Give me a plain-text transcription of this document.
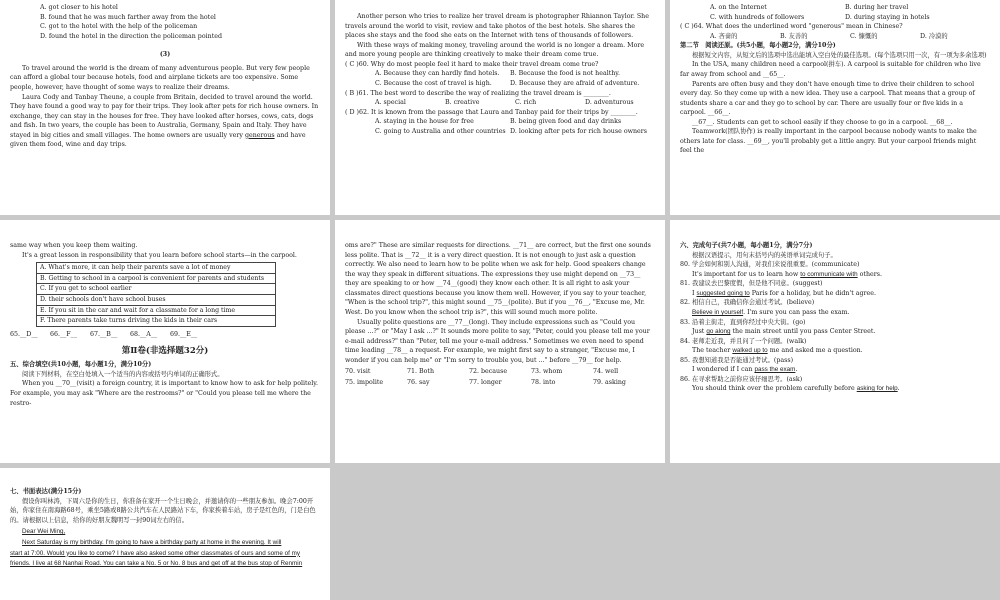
A. got closer to his hotel
B. found that he was much farther away from the hotel
C. got to the hotel with the help of the policeman
D. found the hotel in the direction the policeman pointed
(3)
To travel around the world is the dream of many adventurous people. But very few people can afford a global tour because hotels, food and airplane tickets are too expensive. Some people, however, have thought of some ways to realize their dreams.
Laura Cody and Tanbay Theune, a couple from Britain, decided to travel around the world. They have found a good way to pay for their trips. They look after pets for rich house owners. In exchange, they can stay in the houses for free. They have looked after horses, cows, cats, dogs and fish. In two years, the couple has been to Australia, Germany, Spain and Italy. They have stayed in big cities and small villages. The home owners are usually very generous and have given them food, wine and day trips.
Another person who tries to realize her travel dream is photographer Rhiannon Taylor. She travels around the world to visit, review and take photos of the best hotels. She shares the places she stays and the food she eats on the Internet with tens of thousands of followers.
With these ways of making money, traveling around the world is no longer a dream. More and more young people are thinking creatively to make their dream come true.
( C )60. Why do most people feel it hard to make their travel dream come true?
A. Because they can hardly find hotels.	B. Because the food is not healthy.
C. Because the cost of travel is high.	D. Because they are afraid of adventure.
( B )61. The best word to describe the way of realizing the travel dream is ________.
A. special	B. creative	C. rich	D. adventurous
( D )62. It is known from the passage that Laura and Tanbay paid for their trips by ________.
A. staying in the house for free	B. being given food and day drinks
C. going to Australia and other countries D. looking after pets for rich house owners
A. on the Internet	B. during her travel
C. with hundreds of followers	D. during staying in hotels
( C )64. What does the underlined word "generous" mean in Chinese?
A. 吝啬的	B. 友善的	C. 慷慨的	D. 冷漠的
第二节　阅读还原。(共5小题，每小题2分，满分10分)
根据短文内容，从短文后的选项中选出能填入空白处的最佳选项。(每个选项只用一次，有一项为多余选项)
In the USA, many children need a carpool(拼车). A carpool is suitable for children who live far away from school and __65__.
Parents are often busy and they don't have enough time to drive their children to school every day. So they come up with a new idea. They use a carpool. That means that a group of students share a car and they go to school by car. There are usually four or five kids in a carpool. __66__.
__67__. Students can get to school easily if they choose to go in a carpool. __68__.
Teamwork(团队协作) is really important in the carpool because nobody wants to make the others late for class. __69__, you'll probably get a little angry. But your carpool friends might feel the
same way when you keep them waiting.
It's a great lesson in responsibility that you learn before school starts—in the carpool.
A. What's more, it can help their parents save a lot of money
B. Getting to school in a carpool is convenient for parents and students
C. If you get to school earlier
D. their schools don't have school buses
E. If you sit in the car and wait for a classmate for a long time
F. There parents take turns driving the kids in their cars
65.__D__	66.__F__	67.__B__	68.__A__	69.__E__
第Ⅱ卷(非选择题32分)
五、综合填空(共10小题，每小题1分，满分10分)
阅读下列材料，在空白处填入一个适当的内容或括号内单词的正确形式。
When you __70__(visit) a foreign country, it is important to know how to ask for help politely. For example, you may ask "Where are the restrooms?" or "Could you please tell me where the restro-
oms are?" These are similar requests for directions. __71__ are correct, but the first one sounds less polite. That is __72__ it is a very direct question. It is not enough to just ask a question correctly. We also need to learn how to be polite when we ask for help. Good speakers change the way they speak in different situations. The expressions they use might depend on __73__ they are speaking to or how __74__(good) they know each other. It is all right to ask your classmates direct questions because you know them well. However, if you say to your teacher, "When is the school trip?", this might sound __75__(polite). But if you __76__, "Excuse me, Mr. West. Do you know when the school trip is?", this will sound much more polite.
Usually polite questions are __77__(long). They include expressions such as "Could you please ...?" or "May I ask ...?" It sounds more polite to say, "Peter, could you please tell me your e-mail address?" than "Peter, tell me your e-mail address." Sometimes we even need to spend time leading __78__ a request. For example, we might first say to a stranger, "Excuse me, I wonder if you can help me" or "I'm sorry to trouble you, but ..." before __79__ for help.
70. visit	71. Both	72. because	73. whom	74. well
75. impolite	76. say	77. longer	78. into	79. asking
六、完成句子(共7小题，每小题1分，满分7分)
根据汉语提示，用句末括号内的英语单词完成句子。
80. 学会如何和别人沟通，对我们来说很重要。(communicate)
It's important for us to learn how to communicate with others.
81. 我建议去巴黎度假，但是他不同意。(suggest)
I suggested going to Paris for a holiday, but he didn't agree.
82. 相信自己，我确信你会通过考试。(believe)
Believe in yourself. I'm sure you can pass the exam.
83. 沿着主街走，直到你经过中央大街。(go)
Just go along the main street until you pass Center Street.
84. 老师走近我，并且问了一个问题。(walk)
The teacher walked up to me and asked me a question.
85. 我想知道我是否能通过考试。(pass)
I wondered if I can pass the exam.
86. 在寻求帮助之前你应该仔细思考。(ask)
You should think over the problem carefully before asking for help.
七、书面表达(满分15分)
假设你叫林涛，下周六是你的生日，你准备在家开一个生日晚会，并邀请你的一些朋友参加。晚会7:00开始，你家住在南海路68号，乘坐5路或8路公共汽车在人民路站下车，你家挨着车站，房子是红色的，门是白色的。请根据以上信息，给你的好朋友魏明写一封90词左右的信。
Dear Wei Ming,
Next Saturday is my birthday. I'm going to have a birthday party at home in the evening. It will
start at 7:00. Would you like to come? I have also asked some other classmates of ours and some of my
friends. I live at 68 Nanhai Road. You can take a No. 5 or No. 8 bus and get off at the bus stop of Renmin
